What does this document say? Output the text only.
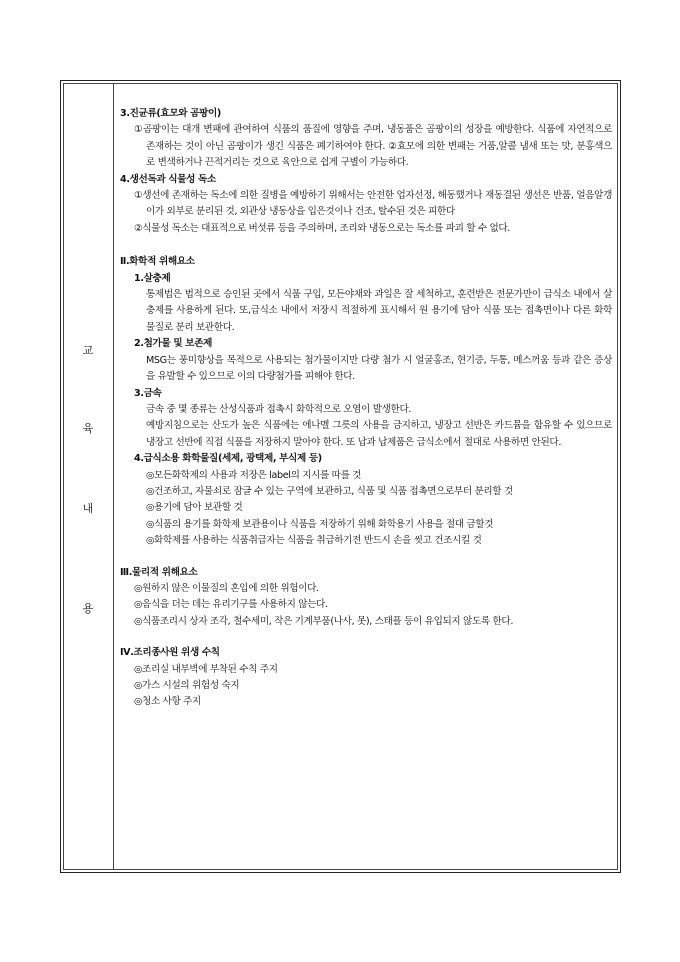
교
육
내
용

3.진균류(효모와 곰팡이)

①곰팡이는 대개 변패에 관여하여 식품의 품질에 영향을 주며, 냉동품은 곰팡이의 성장을 예방한다. 식품에 자연적으로 존재하는 것이 아닌 곰팡이가 생긴 식품은 폐기하여야 한다. ②효모에 의한 변패는 거품,알콜 냄새 또는 맛, 분홍색으로 변색하거나 끈적거리는 것으로 육안으로 쉽게 구별이 가능하다.

4.생선독과 식물성 독소

①생선에 존재하는 독소에 의한 질병을 예방하기 위해서는 안전한 업자선정, 해동했거나 재동결된 생선은 반품, 얼음알갱이가 외부로 분리된 것, 외관상 냉동상을 입은것이나 건조, 탈수된 것은 피한다

②식물성 독소는 대표적으로 버섯류 등을 주의하며, 조리와 냉동으로는 독소를 파괴 할 수 없다.

Ⅱ.화학적 위해요소

1.살충제

통제법은 법적으로 승인된 곳에서 식품 구입, 모든야채와 과일은 잘 세척하고, 훈련받은 전문가만이 급식소 내에서 살충제를 사용하게 된다. 또,급식소 내에서 저장시 적절하게 표시해서 원 용기에 담아 식품 또는 접촉면이나 다른 화학 물질로 분리 보관한다.

2.첨가물 및 보존제

MSG는 풍미향상을 목적으로 사용되는 첨가물이지만 다량 첨가 시 얼굴홍조, 현기증, 두통, 메스꺼움 등과 같은 증상을 유발할 수 있으므로 이의 다량첨가를 피해야 한다.

3.금속

금속 중 몇 종류는 산성식품과 접촉시 화학적으로 오염이 발생한다.

예방지침으로는 산도가 높은 식품에는 에나멜 그릇의 사용을 금지하고, 냉장고 선반은 카드뮴을 함유할 수 있으므로 냉장고 선반에 직접 식품을 저장하지 말아야 한다. 또 납과 납제품은 급식소에서 절대로 사용하면 안된다.

4.급식소용 화학물질(세제, 광택제, 부식제 등)

◎모든화학제의 사용과 저장은 label의 지시를 따를 것

◎건조하고, 자물쇠로 잠글 수 있는 구역에 보관하고, 식품 및 식품 접촉면으로부터 분리할 것

◎용기에 담아 보관할 것

◎식품의 용기를 화학제 보관용이나 식품을 저장하기 위해 화학용기 사용을 절대 금할것

◎화학제를 사용하는 식품취급자는 식품을 취급하기전 반드시 손을 씻고 건조시킬 것

Ⅲ.물리적 위해요소

◎원하지 않은 이물질의 혼입에 의한 위험이다.

◎음식을 더는 데는 유리기구를 사용하지 않는다.

◎식품조리시 상자 조각, 철수세미, 작은 기계부품(나사, 못), 스태플 등이 유입되지 않도록 한다.

Ⅳ.조리종사원 위생 수칙

◎조리실 내부벽에 부착된 수칙 주지

◎가스 시설의 위험성 숙지

◎청소 사항 주지
